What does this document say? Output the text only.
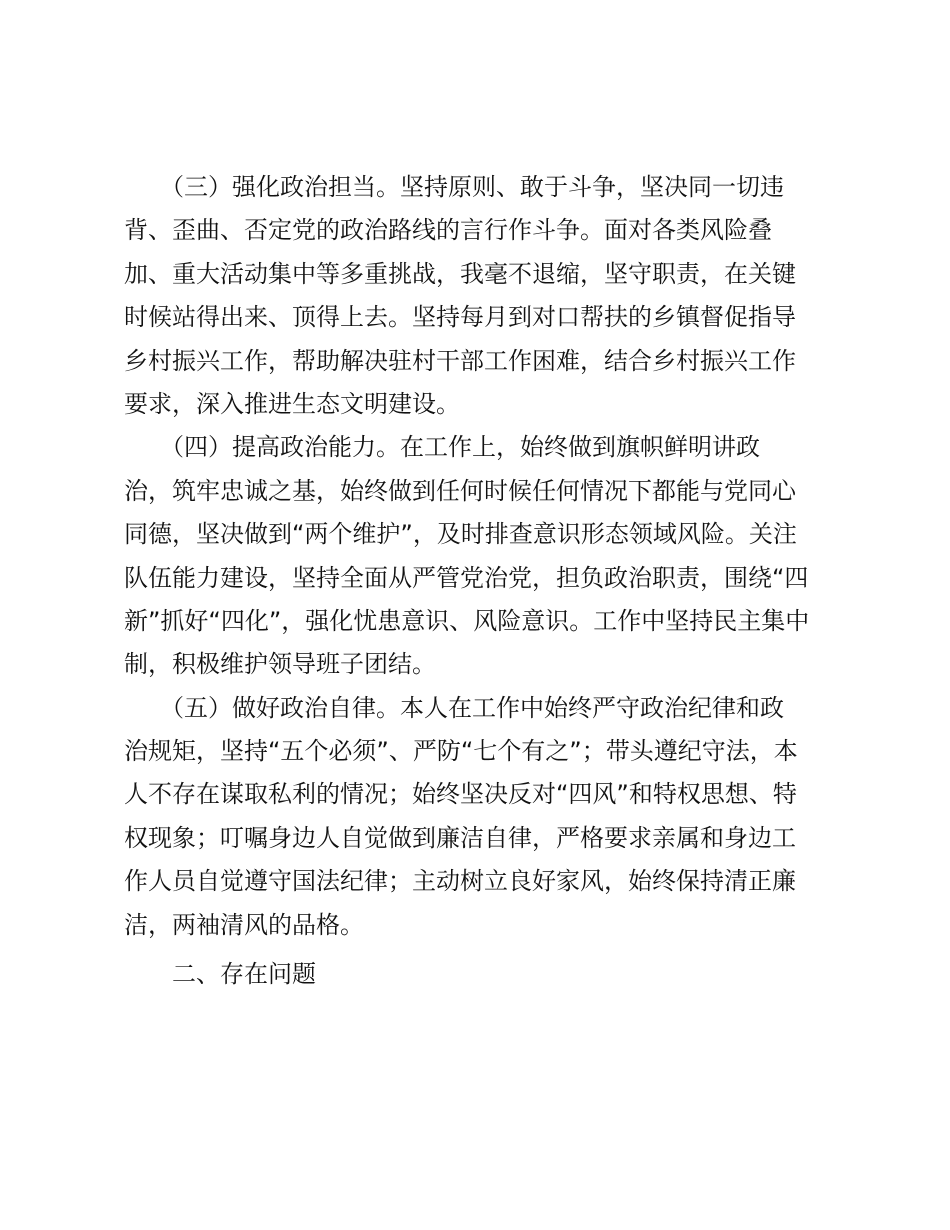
　　（三）强化政治担当。坚持原则、敢于斗争，坚决同一切违
背、歪曲、否定党的政治路线的言行作斗争。面对各类风险叠
加、重大活动集中等多重挑战，我毫不退缩，坚守职责，在关键
时候站得出来、顶得上去。坚持每月到对口帮扶的乡镇督促指导
乡村振兴工作，帮助解决驻村干部工作困难，结合乡村振兴工作
要求，深入推进生态文明建设。
　　（四）提高政治能力。在工作上，始终做到旗帜鲜明讲政
治，筑牢忠诚之基，始终做到任何时候任何情况下都能与党同心
同德，坚决做到“两个维护”，及时排查意识形态领域风险。关注
队伍能力建设，坚持全面从严管党治党，担负政治职责，围绕“四
新”抓好“四化”，强化忧患意识、风险意识。工作中坚持民主集中
制，积极维护领导班子团结。
　　（五）做好政治自律。本人在工作中始终严守政治纪律和政
治规矩，坚持“五个必须”、严防“七个有之”；带头遵纪守法，本
人不存在谋取私利的情况；始终坚决反对“四风”和特权思想、特
权现象；叮嘱身边人自觉做到廉洁自律，严格要求亲属和身边工
作人员自觉遵守国法纪律；主动树立良好家风，始终保持清正廉
洁，两袖清风的品格。
　　二、存在问题
